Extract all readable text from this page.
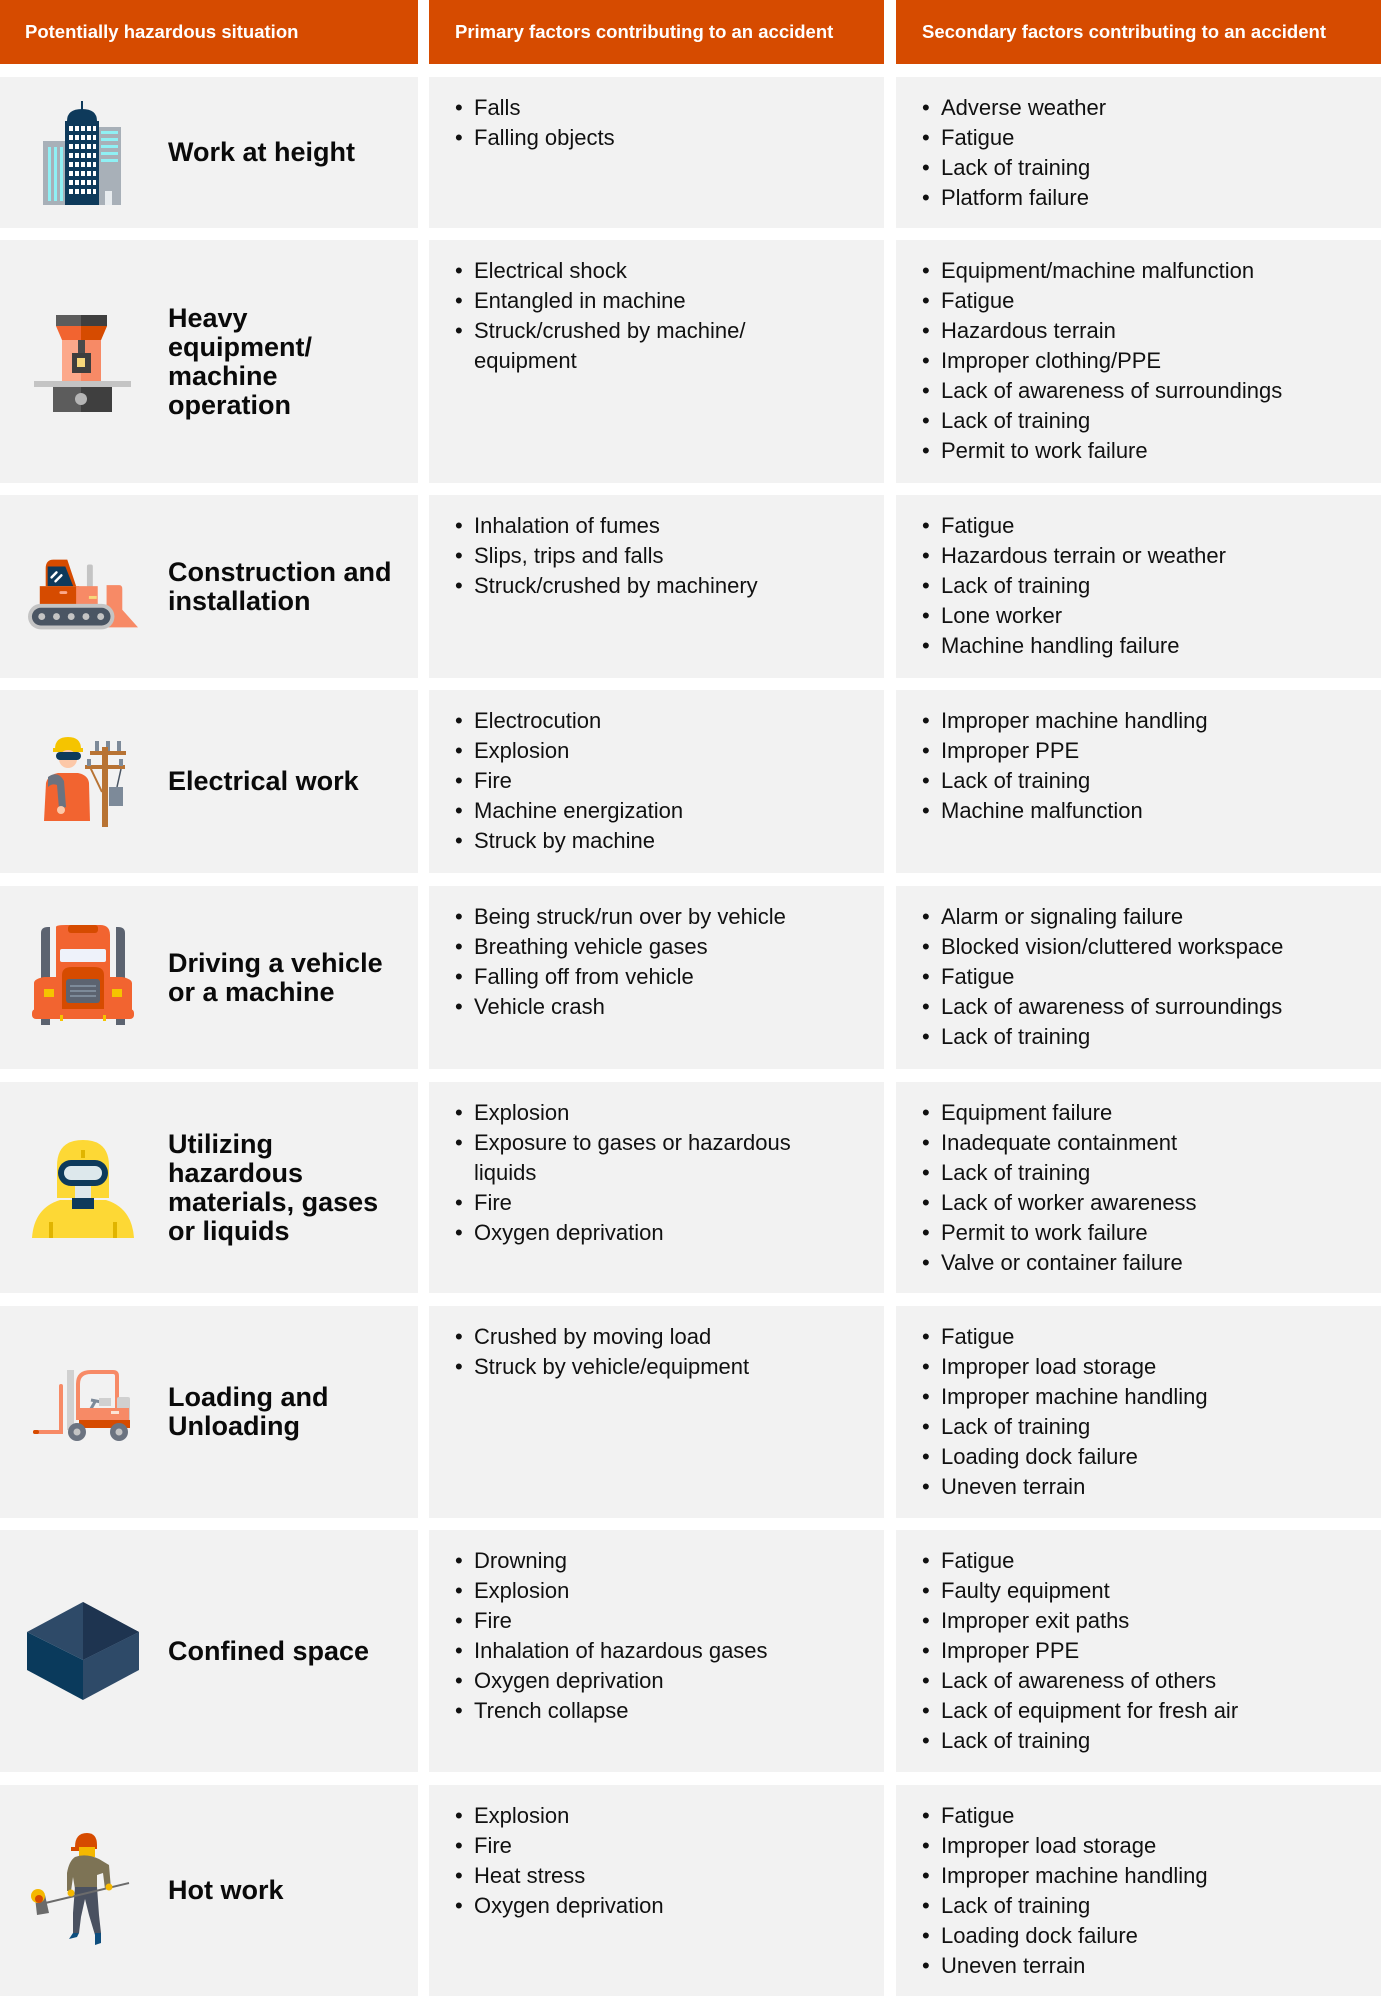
Potentially hazardous situation	Primary factors contributing to an accident	Secondary factors contributing to an accident
Work at height
• Falls
• Falling objects
• Adverse weather
• Fatigue
• Lack of training
• Platform failure
Heavy equipment/ machine operation
• Electrical shock
• Entangled in machine
• Struck/crushed by machine/ equipment
• Equipment/machine malfunction
• Fatigue
• Hazardous terrain
• Improper clothing/PPE
• Lack of awareness of surroundings
• Lack of training
• Permit to work failure
Construction and installation
• Inhalation of fumes
• Slips, trips and falls
• Struck/crushed by machinery
• Fatigue
• Hazardous terrain or weather
• Lack of training
• Lone worker
• Machine handling failure
Electrical work
• Electrocution
• Explosion
• Fire
• Machine energization
• Struck by machine
• Improper machine handling
• Improper PPE
• Lack of training
• Machine malfunction
Driving a vehicle or a machine
• Being struck/run over by vehicle
• Breathing vehicle gases
• Falling off from vehicle
• Vehicle crash
• Alarm or signaling failure
• Blocked vision/cluttered workspace
• Fatigue
• Lack of awareness of surroundings
• Lack of training
Utilizing hazardous materials, gases or liquids
• Explosion
• Exposure to gases or hazardous liquids
• Fire
• Oxygen deprivation
• Equipment failure
• Inadequate containment
• Lack of training
• Lack of worker awareness
• Permit to work failure
• Valve or container failure
Loading and Unloading
• Crushed by moving load
• Struck by vehicle/equipment
• Fatigue
• Improper load storage
• Improper machine handling
• Lack of training
• Loading dock failure
• Uneven terrain
Confined space
• Drowning
• Explosion
• Fire
• Inhalation of hazardous gases
• Oxygen deprivation
• Trench collapse
• Fatigue
• Faulty equipment
• Improper exit paths
• Improper PPE
• Lack of awareness of others
• Lack of equipment for fresh air
• Lack of training
Hot work
• Explosion
• Fire
• Heat stress
• Oxygen deprivation
• Fatigue
• Improper load storage
• Improper machine handling
• Lack of training
• Loading dock failure
• Uneven terrain
